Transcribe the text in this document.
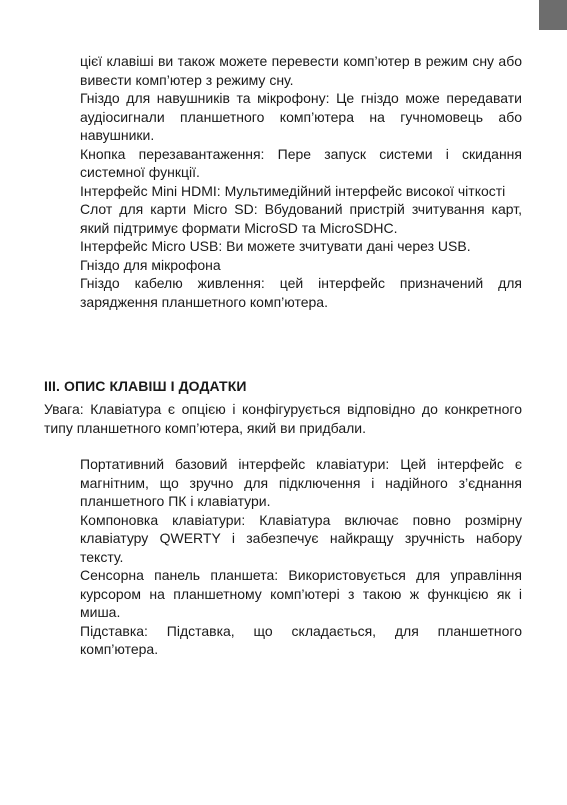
цієї клавіші ви також можете перевести комп’ютер в режим сну або вивести комп’ютер з режиму сну.

Гніздо для навушників та мікрофону: Це гніздо може передавати аудіосигнали планшетного комп’ютера на гучномовець або навушники.

Кнопка перезавантаження: Пере запуск системи і скидання системної функції.

Інтерфейс Mini HDMI: Мультимедійний інтерфейс високої чіткості

Слот для карти Micro SD: Вбудований пристрій зчитування карт, який підтримує формати MicroSD та MicroSDHC.

Інтерфейс Micro USB: Ви можете зчитувати дані через USB.

Гніздо для мікрофона

Гніздо кабелю живлення: цей інтерфейс призначений для зарядження планшетного комп’ютера.

III. ОПИС КЛАВІШ І ДОДАТКИ

Увага: Клавіатура є опцією і конфігурується відповідно до конкретного типу планшетного комп’ютера, який ви придбали.

Портативний базовий інтерфейс клавіатури: Цей інтерфейс є магнітним, що зручно для підключення і надійного з’єднання планшетного ПК і клавіатури.

Компоновка клавіатури: Клавіатура включає повно розмірну клавіатуру QWERTY і забезпечує найкращу зручність набору тексту.

Сенсорна панель планшета: Використовується для управління курсором на планшетному комп’ютері з такою ж функцією як і миша.

Підставка: Підставка, що складається, для планшетного комп’ютера.
